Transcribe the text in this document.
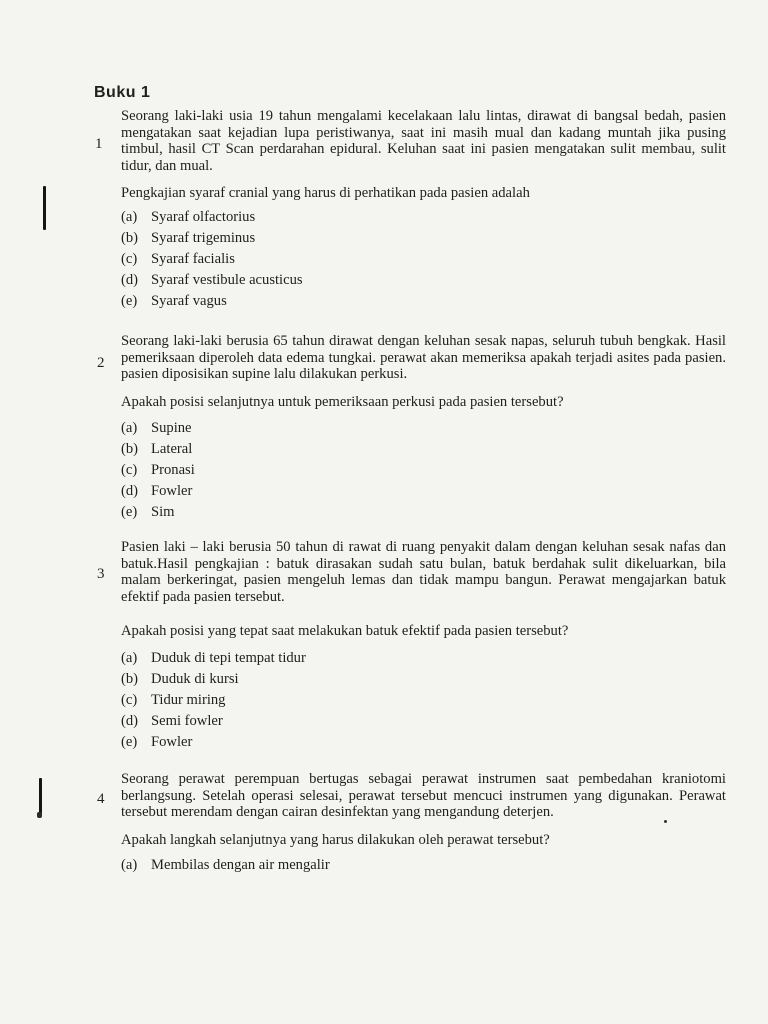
Buku 1
1

Seorang laki-laki usia 19 tahun mengalami kecelakaan lalu lintas, dirawat di bangsal bedah, pasien mengatakan saat kejadian lupa peristiwanya, saat ini masih mual dan kadang muntah jika pusing timbul, hasil CT Scan perdarahan epidural. Keluhan saat ini pasien mengatakan sulit membau, sulit tidur, dan mual.

Pengkajian syaraf cranial yang harus di perhatikan pada pasien adalah

(a) Syaraf olfactorius
(b) Syaraf trigeminus
(c) Syaraf facialis
(d) Syaraf vestibule acusticus
(e) Syaraf vagus
2

Seorang laki-laki berusia 65 tahun dirawat dengan keluhan sesak napas, seluruh tubuh bengkak. Hasil pemeriksaan diperoleh data edema tungkai. perawat akan memeriksa apakah terjadi asites pada pasien. pasien diposisikan supine lalu dilakukan perkusi.

Apakah posisi selanjutnya untuk pemeriksaan perkusi pada pasien tersebut?

(a) Supine
(b) Lateral
(c) Pronasi
(d) Fowler
(e) Sim
3

Pasien laki – laki berusia 50 tahun di rawat di ruang penyakit dalam dengan keluhan sesak nafas dan batuk.Hasil pengkajian : batuk dirasakan sudah satu bulan, batuk berdahak sulit dikeluarkan, bila malam berkeringat, pasien mengeluh lemas dan tidak mampu bangun. Perawat mengajarkan batuk efektif pada pasien tersebut.

Apakah posisi yang tepat saat melakukan batuk efektif pada pasien tersebut?

(a) Duduk di tepi tempat tidur
(b) Duduk di kursi
(c) Tidur miring
(d) Semi fowler
(e) Fowler
4

Seorang perawat perempuan bertugas sebagai perawat instrumen saat pembedahan kraniotomi berlangsung. Setelah operasi selesai, perawat tersebut mencuci instrumen yang digunakan. Perawat tersebut merendam dengan cairan desinfektan yang mengandung deterjen.

Apakah langkah selanjutnya yang harus dilakukan oleh perawat tersebut?

(a) Membilas dengan air mengalir
